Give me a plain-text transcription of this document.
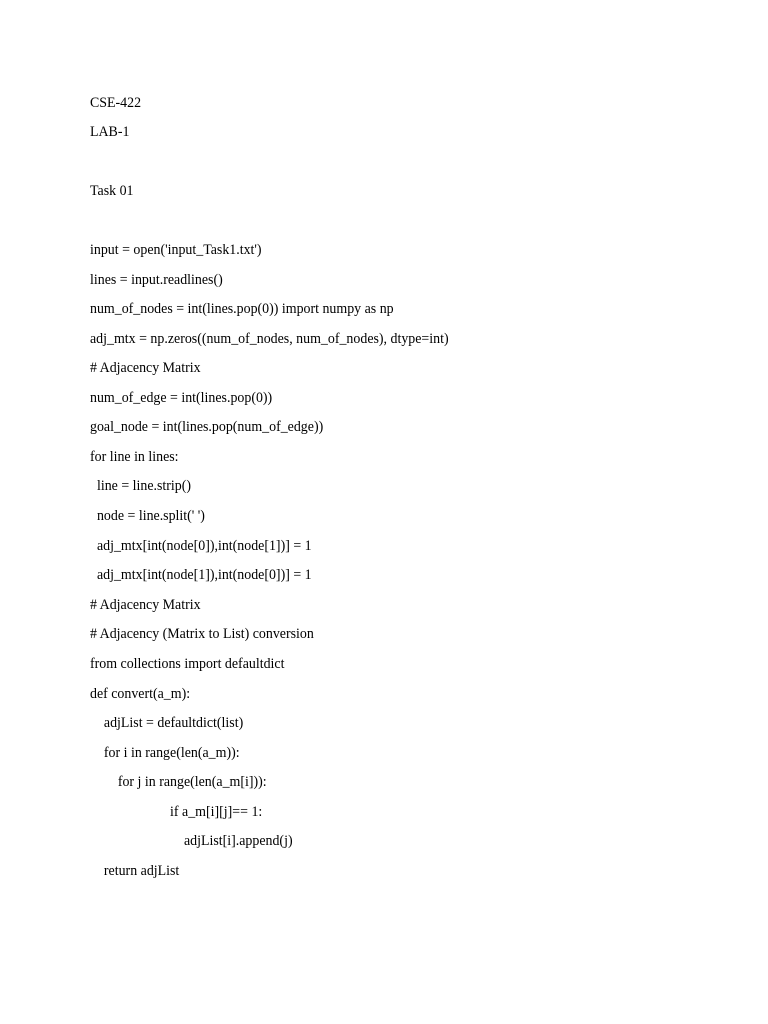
CSE-422
LAB-1
Task 01
input = open('input_Task1.txt')
lines = input.readlines()
num_of_nodes = int(lines.pop(0)) import numpy as np
adj_mtx = np.zeros((num_of_nodes, num_of_nodes), dtype=int)
# Adjacency Matrix
num_of_edge = int(lines.pop(0))
goal_node = int(lines.pop(num_of_edge))
for line in lines:
line = line.strip()
node = line.split(' ')
adj_mtx[int(node[0]),int(node[1])] = 1
adj_mtx[int(node[1]),int(node[0])] = 1
# Adjacency Matrix
# Adjacency (Matrix to List) conversion
from collections import defaultdict
def convert(a_m):
adjList = defaultdict(list)
for i in range(len(a_m)):
for j in range(len(a_m[i])):
if a_m[i][j]== 1:
adjList[i].append(j)
return adjList
